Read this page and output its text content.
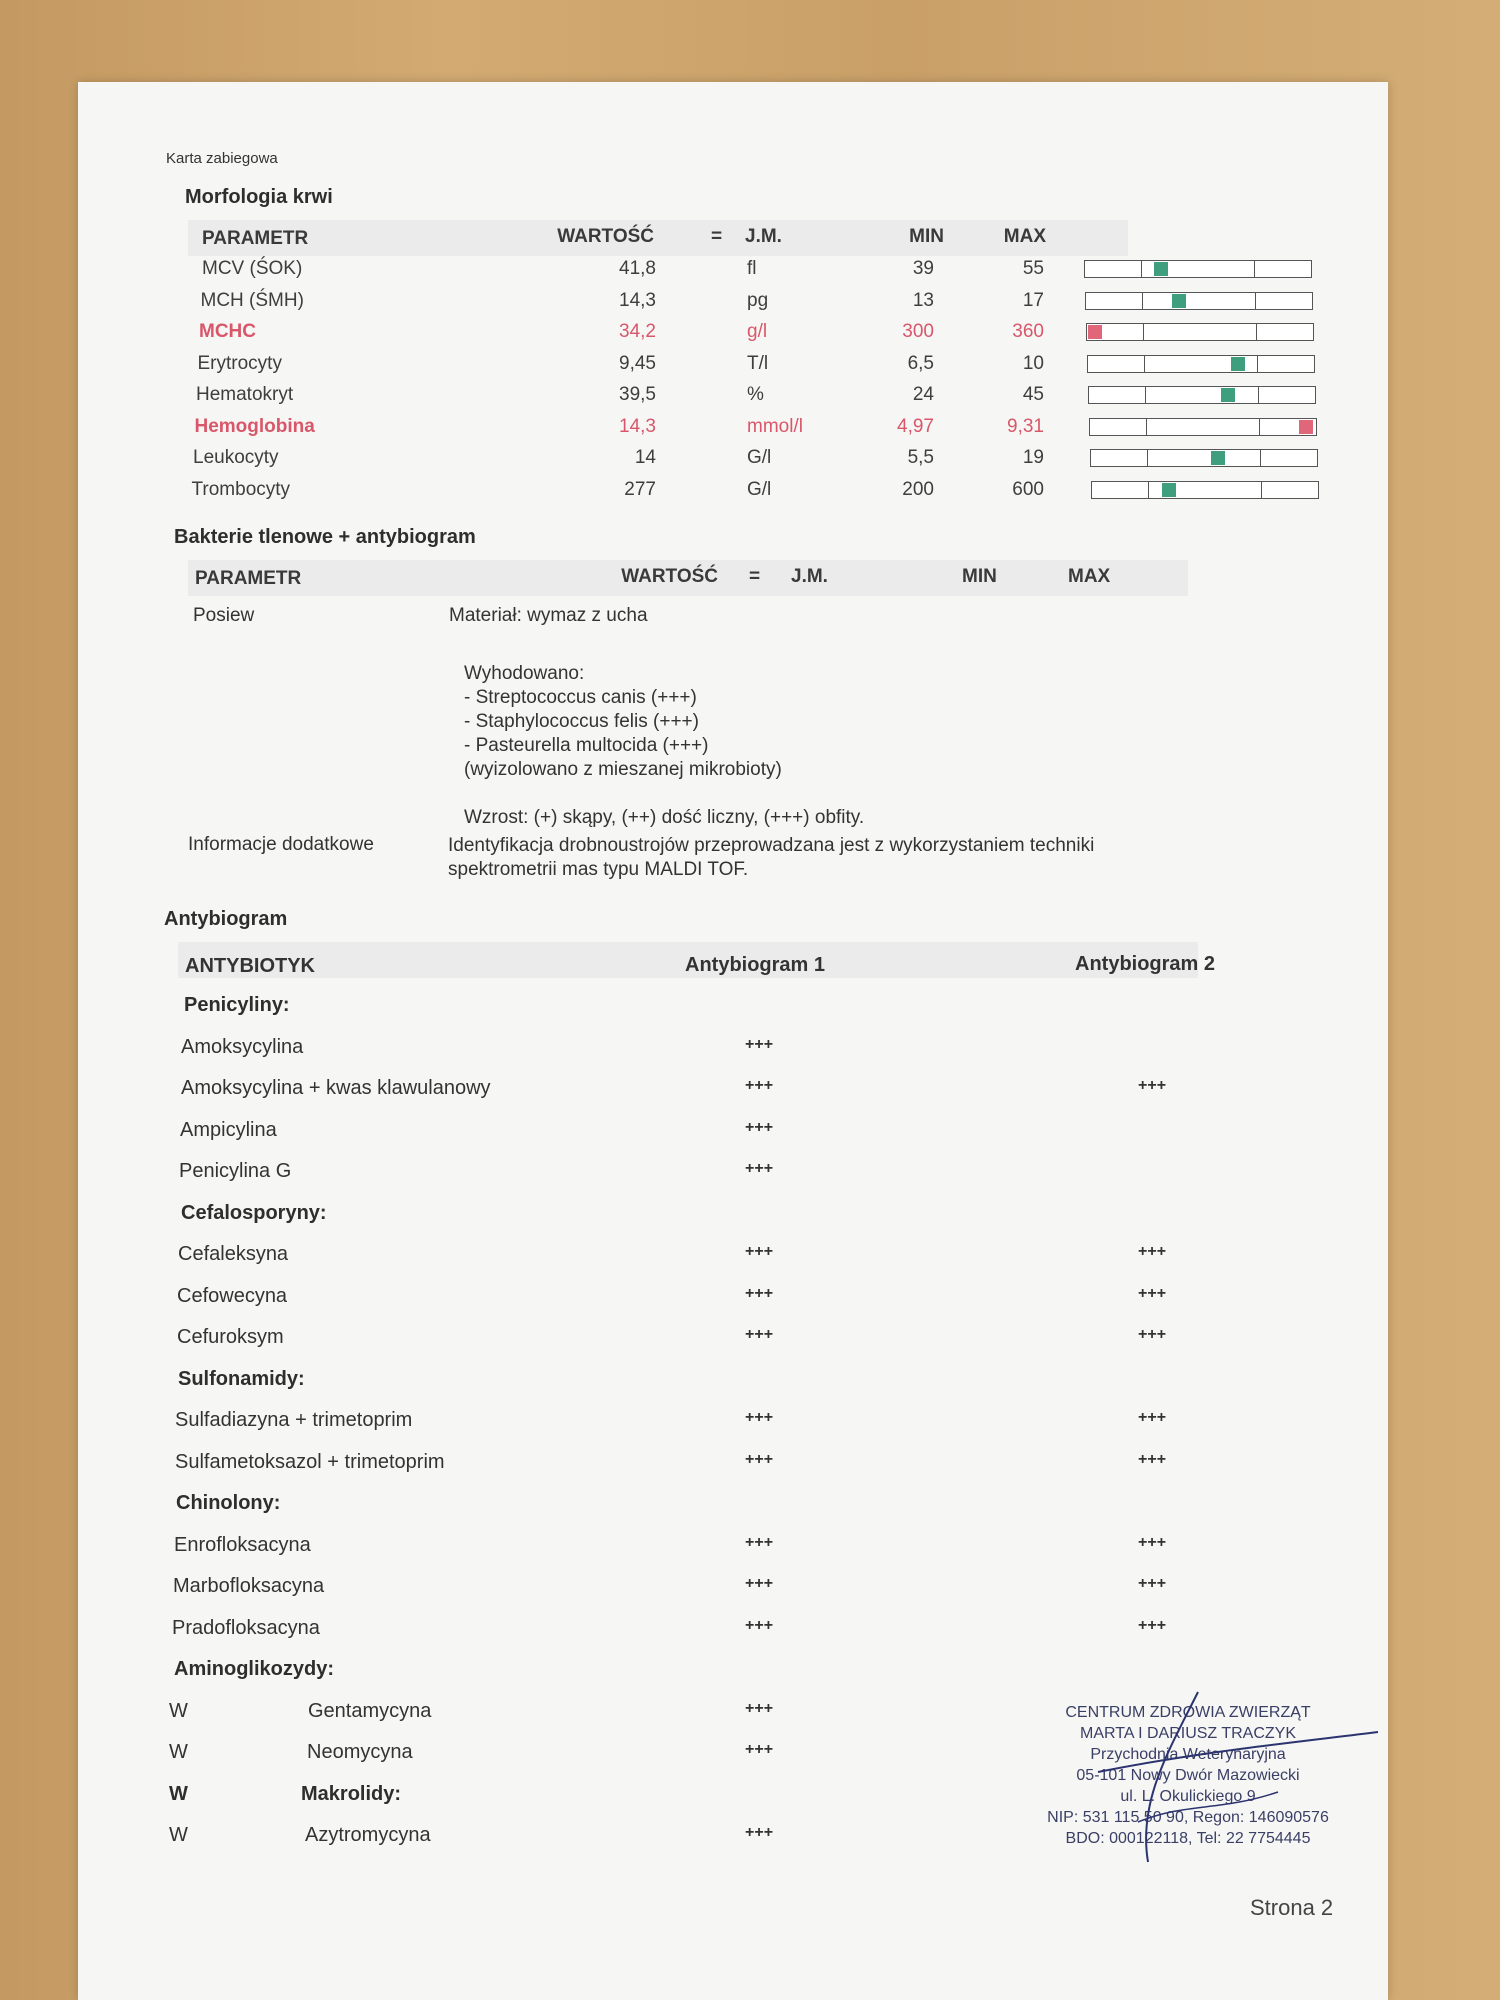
Karta zabiegowa
Morfologia krwi
PARAMETR	WARTOŚĆ	= J.M.	MIN	MAX
MCV (ŚOK)	41,8	fl	39	55
MCH (ŚMH)	14,3	pg	13	17
MCHC	34,2	g/l	300	360
Erytrocyty	9,45	T/l	6,5	10
Hematokryt	39,5	%	24	45
Hemoglobina	14,3	mmol/l	4,97	9,31
Leukocyty	14	G/l	5,5	19
Trombocyty	277	G/l	200	600
Bakterie tlenowe + antybiogram
PARAMETR	WARTOŚĆ = J.M.	MIN	MAX
Posiew	Materiał: wymaz z ucha
Wyhodowano:
- Streptococcus canis (+++)
- Staphylococcus felis (+++)
- Pasteurella multocida (+++)
(wyizolowano z mieszanej mikrobioty)
Wzrost: (+) skąpy, (++) dość liczny, (+++) obfity.
Informacje dodatkowe	Identyfikacja drobnoustrojów przeprowadzana jest z wykorzystaniem techniki
spektrometrii mas typu MALDI TOF.
Antybiogram
ANTYBIOTYK	Antybiogram 1	Antybiogram 2
Penicyliny:
Amoksycylina	+++
Amoksycylina + kwas klawulanowy	+++	+++
Ampicylina	+++
Penicylina G	+++
Cefalosporyny:
Cefaleksyna	+++	+++
Cefowecyna	+++	+++
Cefuroksym	+++	+++
Sulfonamidy:
Sulfadiazyna + trimetoprim	+++	+++
Sulfametoksazol + trimetoprim	+++	+++
Chinolony:
Enrofloksacyna	+++	+++
Marbofloksacyna	+++	+++
Pradofloksacyna	+++	+++
Aminoglikozydy:
W	Gentamycyna	+++
W	Neomycyna	+++
W	Makrolidy:
W	Azytromycyna	+++
CENTRUM ZDROWIA ZWIERZĄT
MARTA I DARIUSZ TRACZYK
Przychodnia Weterynaryjna
05-101 Nowy Dwór Mazowiecki
ul. L. Okulickiego 9
NIP: 531 115 50 90, Regon: 146090576
BDO: 000122118, Tel: 22 7754445
Strona 2
